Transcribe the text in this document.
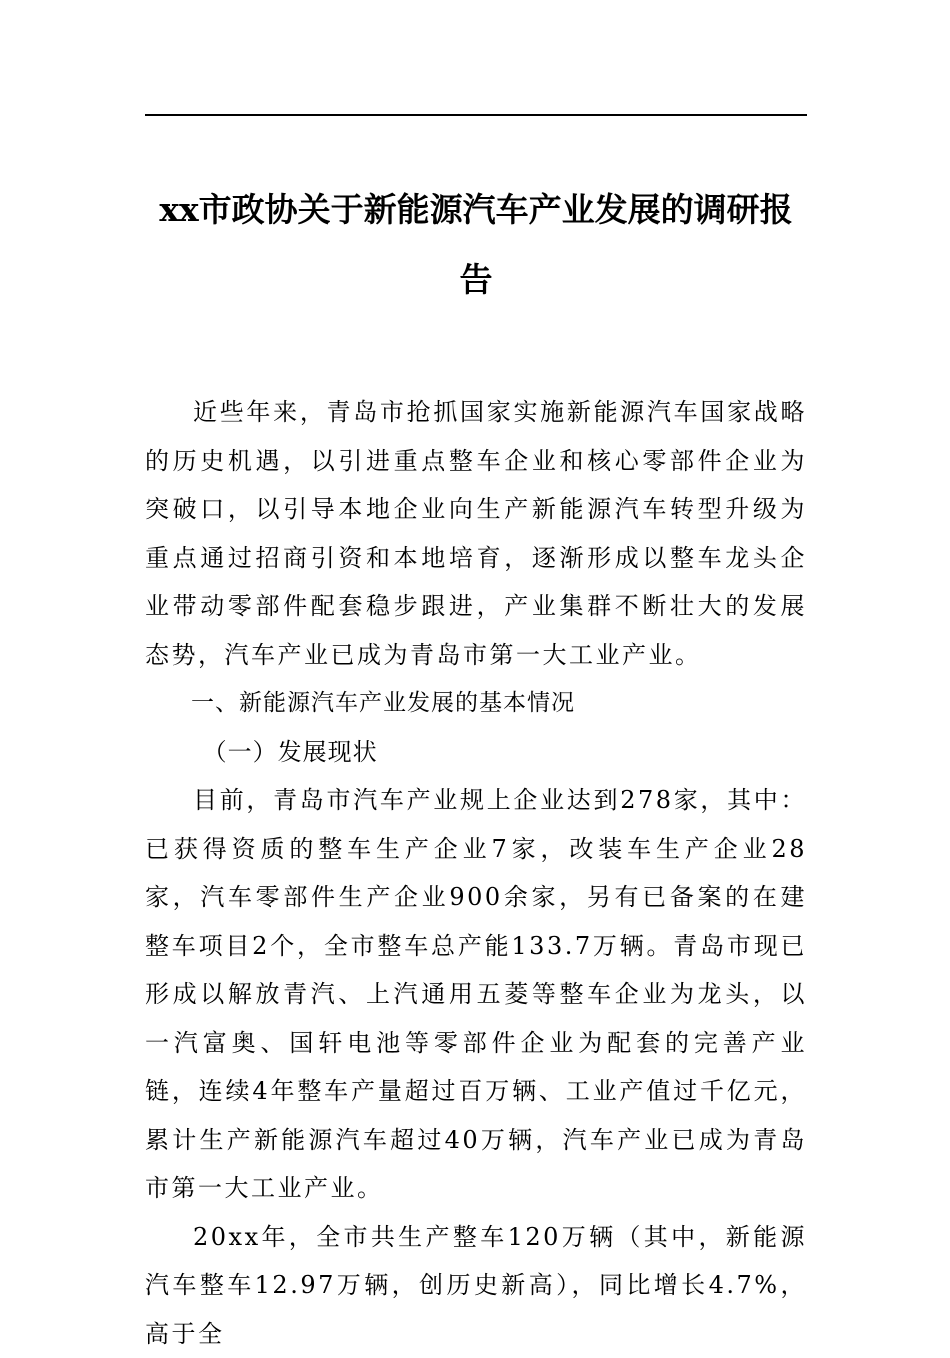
xx市政协关于新能源汽车产业发展的调研报告

近些年来，青岛市抢抓国家实施新能源汽车国家战略的历史机遇，以引进重点整车企业和核心零部件企业为突破口，以引导本地企业向生产新能源汽车转型升级为重点通过招商引资和本地培育，逐渐形成以整车龙头企业带动零部件配套稳步跟进，产业集群不断壮大的发展态势，汽车产业已成为青岛市第一大工业产业。

一、新能源汽车产业发展的基本情况

（一）发展现状

目前，青岛市汽车产业规上企业达到278家，其中：已获得资质的整车生产企业7家，改装车生产企业28家，汽车零部件生产企业900余家，另有已备案的在建整车项目2个，全市整车总产能133.7万辆。青岛市现已形成以解放青汽、上汽通用五菱等整车企业为龙头，以一汽富奥、国轩电池等零部件企业为配套的完善产业链，连续4年整车产量超过百万辆、工业产值过千亿元，累计生产新能源汽车超过40万辆，汽车产业已成为青岛市第一大工业产业。

20xx年，全市共生产整车120万辆（其中，新能源汽车整车12.97万辆，创历史新高），同比增长4.7%，高于全
